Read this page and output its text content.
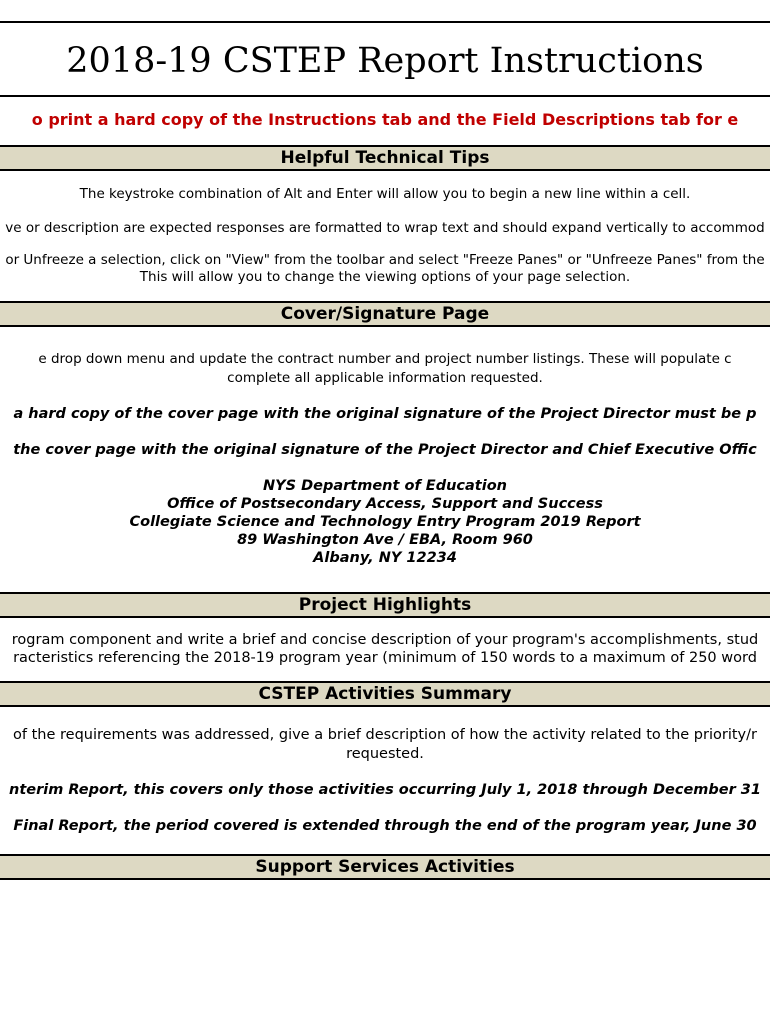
2018-19 CSTEP Report Instructions
o print a hard copy of the Instructions tab and the Field Descriptions tab for e
Helpful Technical Tips
The keystroke combination of Alt and Enter will allow you to begin a new line within a cell.
ve or description are expected responses are formatted to wrap text and should expand vertically to accommod
or Unfreeze a selection, click on "View" from the toolbar and select "Freeze Panes" or "Unfreeze Panes" from the
This will allow you to change the viewing options of your page selection.
Cover/Signature Page
e drop down menu and update the contract number and project number listings. These will populate c
complete all applicable information requested.
a hard copy of the cover page with the original signature of the Project Director must be p
the cover page with the original signature of the Project Director and Chief Executive Offic
NYS Department of Education
Office of Postsecondary Access, Support and Success
Collegiate Science and Technology Entry Program 2019 Report
89 Washington Ave / EBA, Room 960
Albany, NY 12234
Project Highlights
rogram component and write a brief and concise description of your program's accomplishments, stud
racteristics referencing the 2018-19 program year (minimum of 150 words to a maximum of 250 word
CSTEP Activities Summary
of the requirements was addressed, give a brief description of how the activity related to the priority/r
requested.
nterim Report, this covers only those activities occurring July 1, 2018 through December 31
Final Report, the period covered is extended through the end of the program year, June 30
Support Services Activities
